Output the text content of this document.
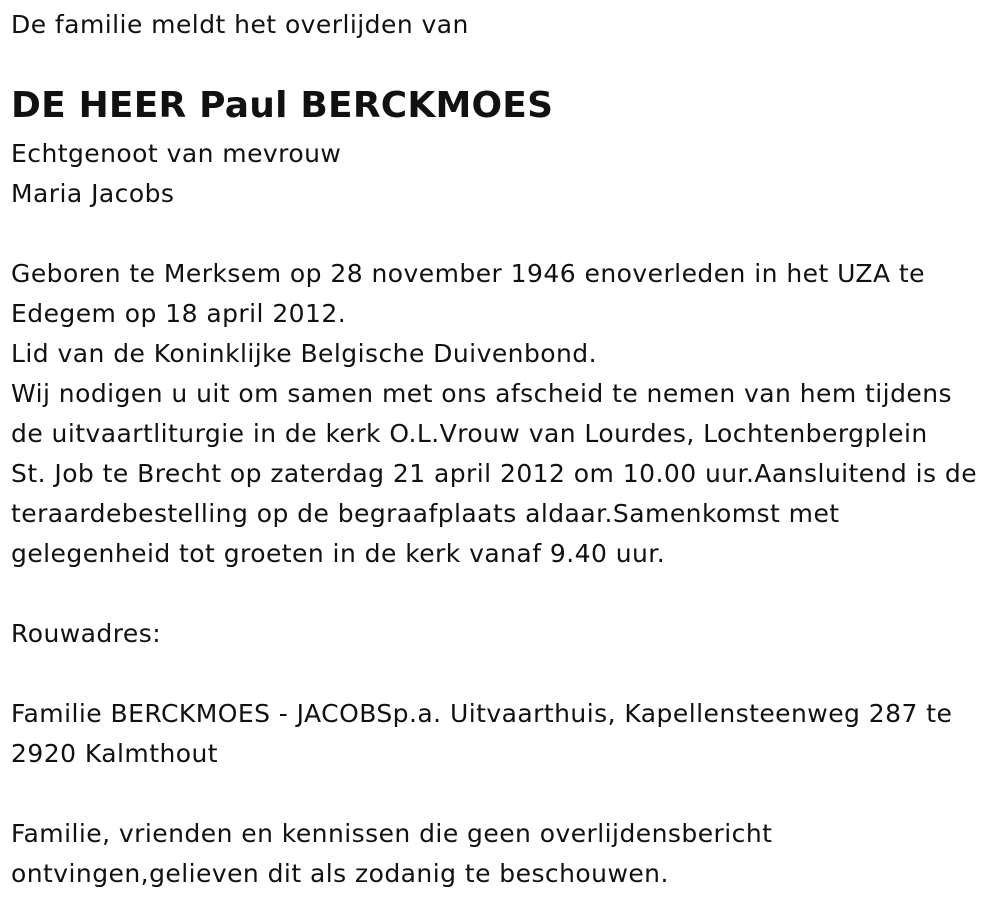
De familie meldt het overlijden van
DE HEER Paul BERCKMOES
Echtgenoot van mevrouw
Maria Jacobs
Geboren te Merksem op 28 november 1946 enoverleden in het UZA te
Edegem op 18 april 2012.
Lid van de Koninklijke Belgische Duivenbond.
Wij nodigen u uit om samen met ons afscheid te nemen van hem tijdens
de uitvaartliturgie in de kerk O.L.Vrouw van Lourdes, Lochtenbergplein
St. Job te Brecht op zaterdag 21 april 2012 om 10.00 uur.Aansluitend is de
teraardebestelling op de begraafplaats aldaar.Samenkomst met
gelegenheid tot groeten in de kerk vanaf 9.40 uur.
Rouwadres:
Familie BERCKMOES - JACOBSp.a. Uitvaarthuis, Kapellensteenweg 287 te
2920 Kalmthout
Familie, vrienden en kennissen die geen overlijdensbericht
ontvingen,gelieven dit als zodanig te beschouwen.
